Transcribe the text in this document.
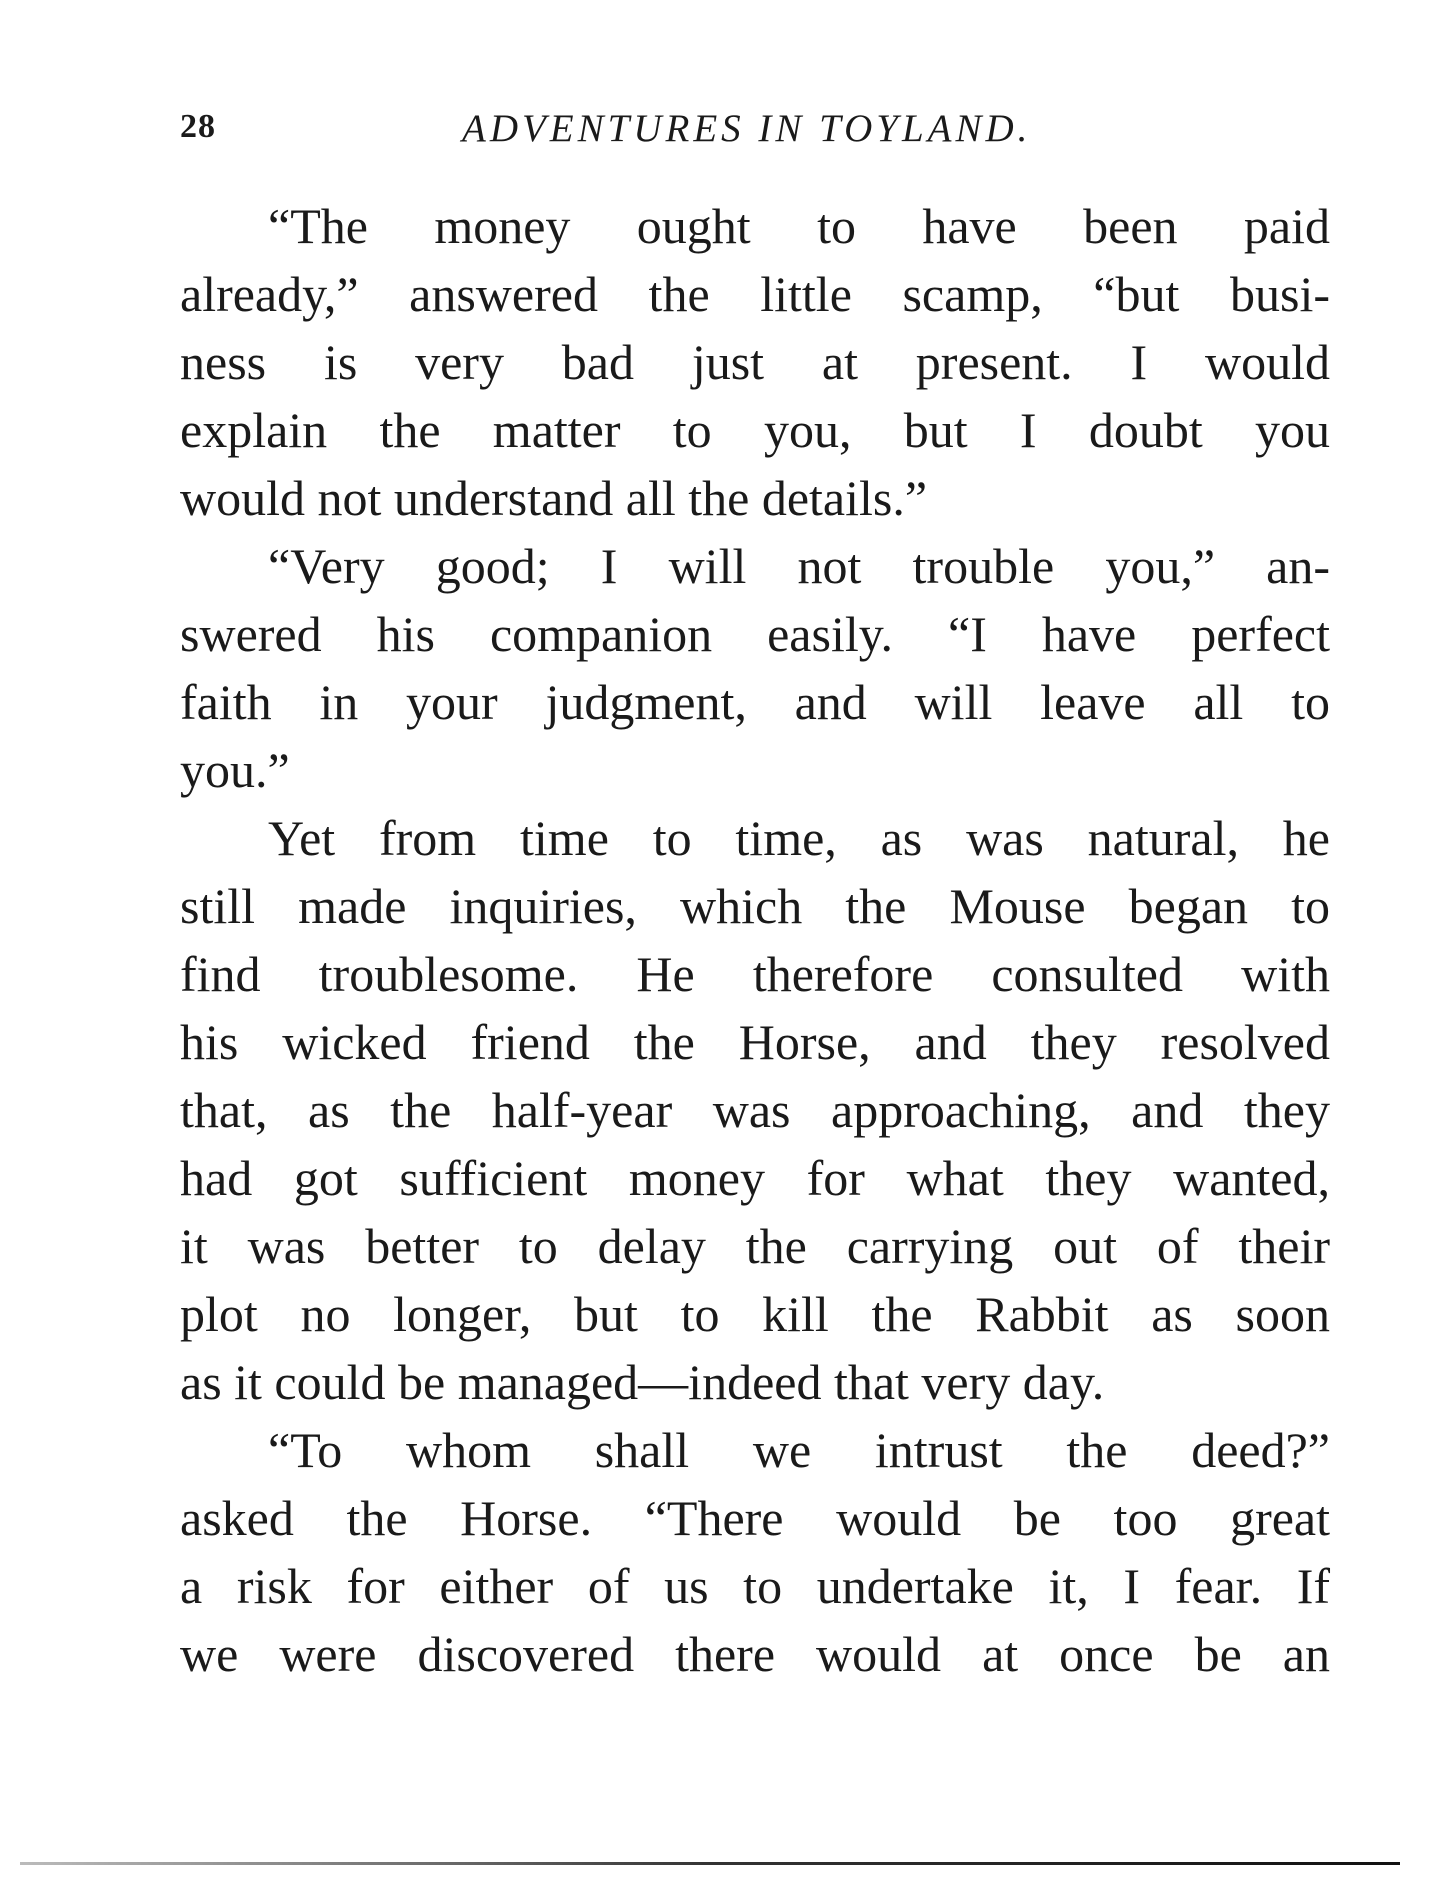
28	ADVENTURES IN TOYLAND.
“The money ought to have been paid
already,” answered the little scamp, “but busi-
ness is very bad just at present. I would
explain the matter to you, but I doubt you
would not understand all the details.”
“Very good; I will not trouble you,” an-
swered his companion easily. “I have perfect
faith in your judgment, and will leave all to
you.”
Yet from time to time, as was natural, he
still made inquiries, which the Mouse began to
find troublesome. He therefore consulted with
his wicked friend the Horse, and they resolved
that, as the half-year was approaching, and they
had got sufficient money for what they wanted,
it was better to delay the carrying out of their
plot no longer, but to kill the Rabbit as soon
as it could be managed—indeed that very day.
“To whom shall we intrust the deed?”
asked the Horse. “There would be too great
a risk for either of us to undertake it, I fear. If
we were discovered there would at once be an
